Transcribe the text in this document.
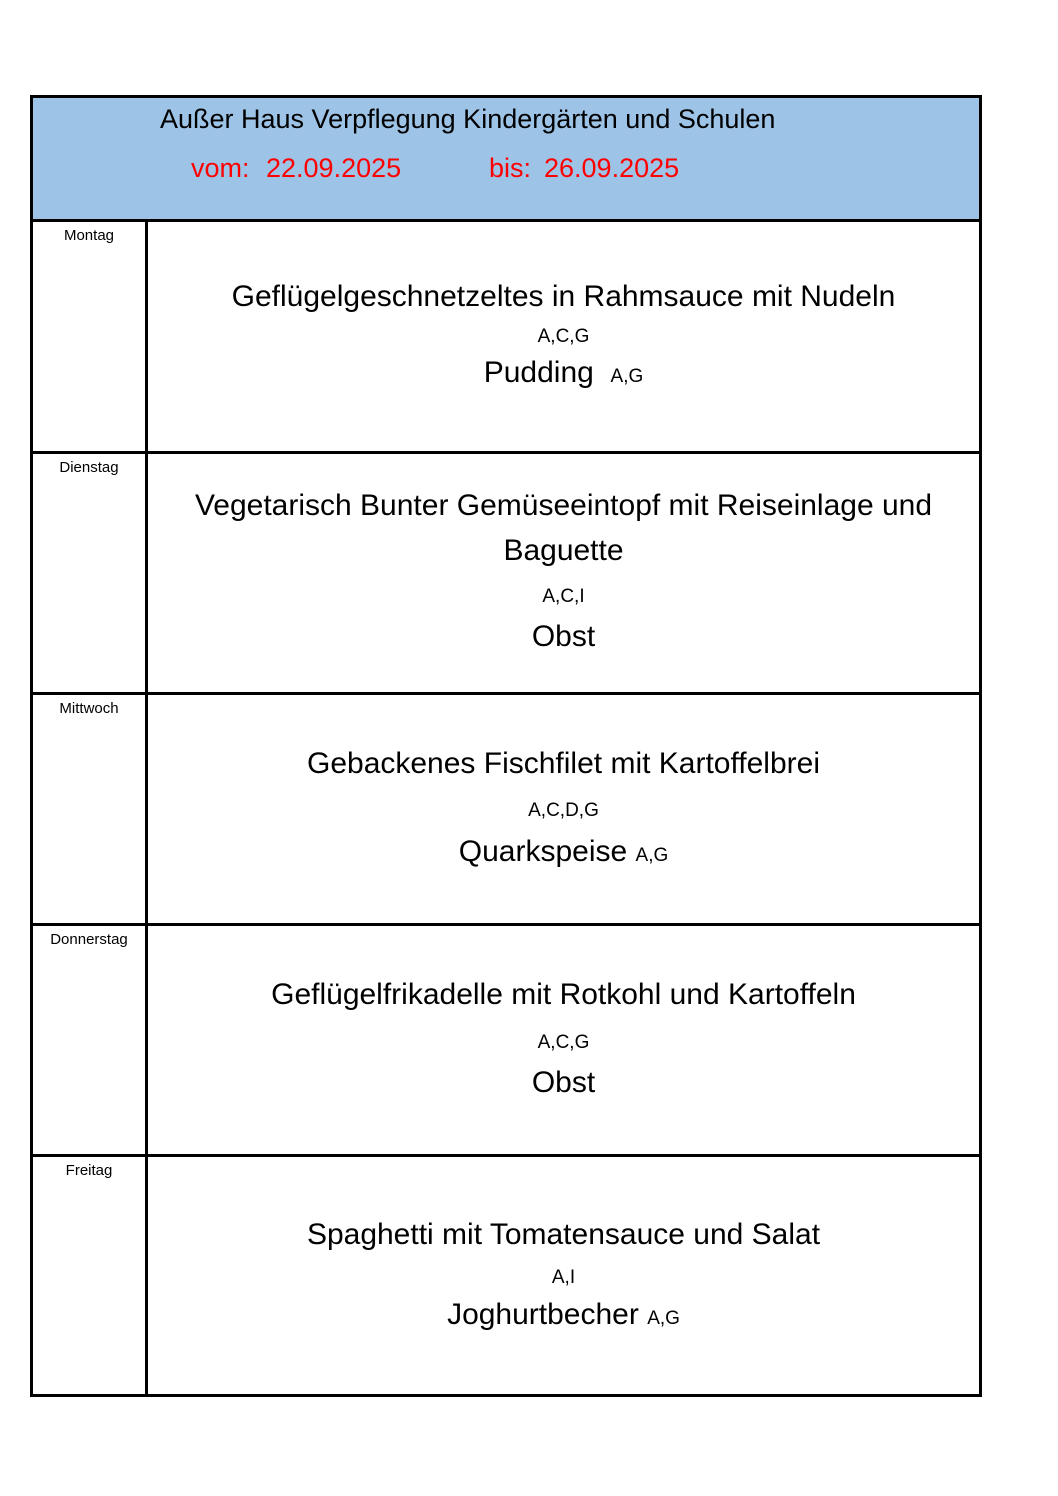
Außer Haus Verpflegung Kindergärten und Schulen
vom: 22.09.2025	bis: 26.09.2025
Montag
Geflügelgeschnetzeltes in Rahmsauce mit Nudeln
A,C,G
Pudding A,G
Dienstag
Vegetarisch Bunter Gemüseeintopf mit Reiseinlage und
Baguette
A,C,I
Obst
Mittwoch
Gebackenes Fischfilet mit Kartoffelbrei
A,C,D,G
Quarkspeise A,G
Donnerstag
Geflügelfrikadelle mit Rotkohl und Kartoffeln
A,C,G
Obst
Freitag
Spaghetti mit Tomatensauce und Salat
A,I
Joghurtbecher A,G
